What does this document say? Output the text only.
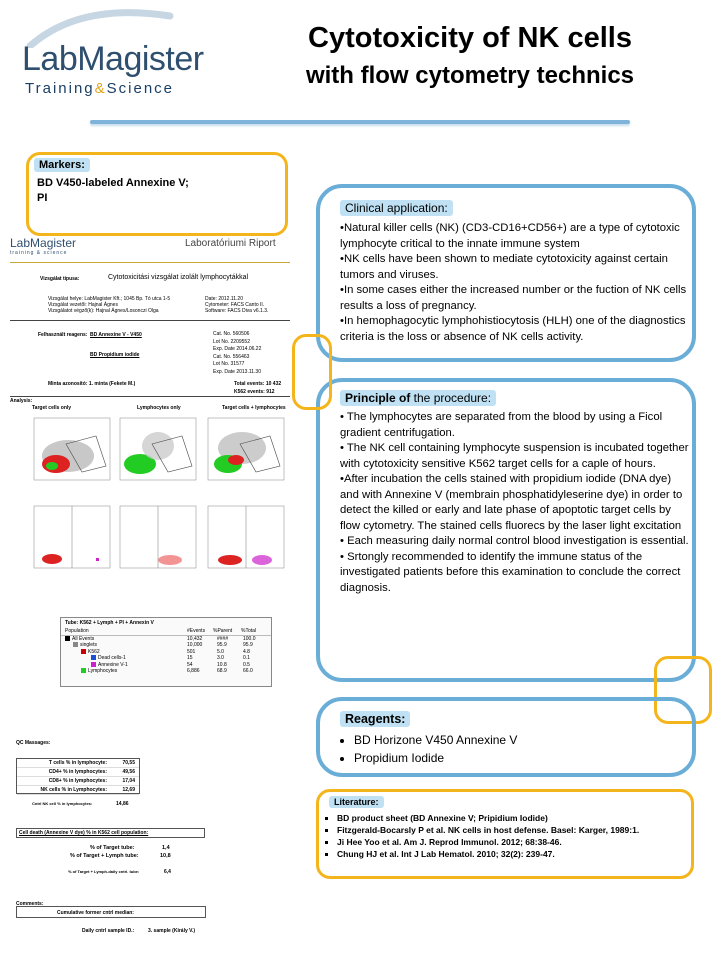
LabMagister
Training&Science
Cytotoxicity of NK cells
with flow cytometry technics
Markers:
BD V450-labeled Annexine V;
PI
LabMagister
training & science
Laboratóriumi Riport
Vizsgálat típusa:	Cytotoxicitási vizsgálat izolált lymphocytákkal
Vizsgálat helye: LabMagister Kft.; 1045 Bp. Tó utca 1-5
Vizsgálat vezetői: Hajnal Ágnes
Vizsgálatot végző(k): Hajnal Ágnes/Losonczi Olga
Date: 2012.11.20
Cytometer: FACS Canto II.
Software: FACS Diva v6.1.3.
Felhasznált reagens: BD Annexine V - V450
BD Propidium iodide
Cat. No. 560506
Lot No. 2209552
Exp. Date 2014.06.22
Cat. No. 556463
Lot No. 31577
Exp. Date 2013.11.30
Minta azonosító: 1. minta (Fekete M.)	Total events: 10 432
K562 events: 912
Analysis:
Target cells only	Lymphocytes only	Target cells + lymphocytes
Tube: K562 + Lymph + PI + Annexin V
Population	#Events %Parent %Total
All Events	10,432	####	100.0
singlets	10,000	95.9	95.9
K562	501	5.0	4.8
Dead cells-1	15	3.0	0.1
Annexine V-1	54	10.8	0.5
Lymphocytes	6,886	68.9	66.0
QC Massages:
T cells % in lymphocyte:	70,55
CD4+ % in lymphocytes:	49,56
CD8+ % in lymphocytes:	17,04
NK cells % in Lymphocytes:	12,69
Cntrl NK cell % in lymphocytes:	14,86
Cell death (Annexine V dye) % in K562 cell population:
% of Target tube:	1,4
% of Target + Lymph tube:	10,8
% of Target + Lymph-daily cntrl. tube:	6,4
Comments:
Cumulative former cntrl median:
Daily cntrl sample ID.:	3. sample (Király V.)
Clinical application:
•Natural killer cells (NK) (CD3-CD16+CD56+) are a type of cytotoxic lymphocyte critical to the innate immune system
•NK cells have been shown to mediate cytotoxicity against certain tumors and viruses.
•In some cases either the increased number or the fuction of NK cells results a loss of pregnancy.
•In hemophagocytic lymphohistiocytosis (HLH) one of the diagnostics criteria is the loss or absence of NK cells activity.
Principle of the procedure:
• The lymphocytes are separated from the blood by using a Ficol gradient centrifugation.
• The NK cell containing lymphocyte suspension is incubated together with cytotoxicity sensitive K562 target cells for a caple of hours.
•After incubation the cells stained with propidium iodide (DNA dye) and with Annexine V (membrain phosphatidyleserine dye) in order to detect the killed or early and late phase of apoptotic target cells by flow cytometry. The stained cells fluorecs by the laser light excitation
• Each measuring daily normal control blood investigation is essential.
• Srtongly recommended to identify the immune status of the investigated patients before this examination to conclude the correct diagnosis.
Reagents:
• BD Horizone V450 Annexine V
• Propidium Iodide
Literature:
▪ BD product sheet (BD Annexine V; Pripidium Iodide)
▪ Fitzgerald-Bocarsly P et al. NK cells in host defense. Basel: Karger, 1989:1.
▪ Ji Hee Yoo et al. Am J. Reprod Immunol. 2012; 68:38-46.
▪ Chung HJ et al. Int J Lab Hematol. 2010; 32(2): 239-47.
